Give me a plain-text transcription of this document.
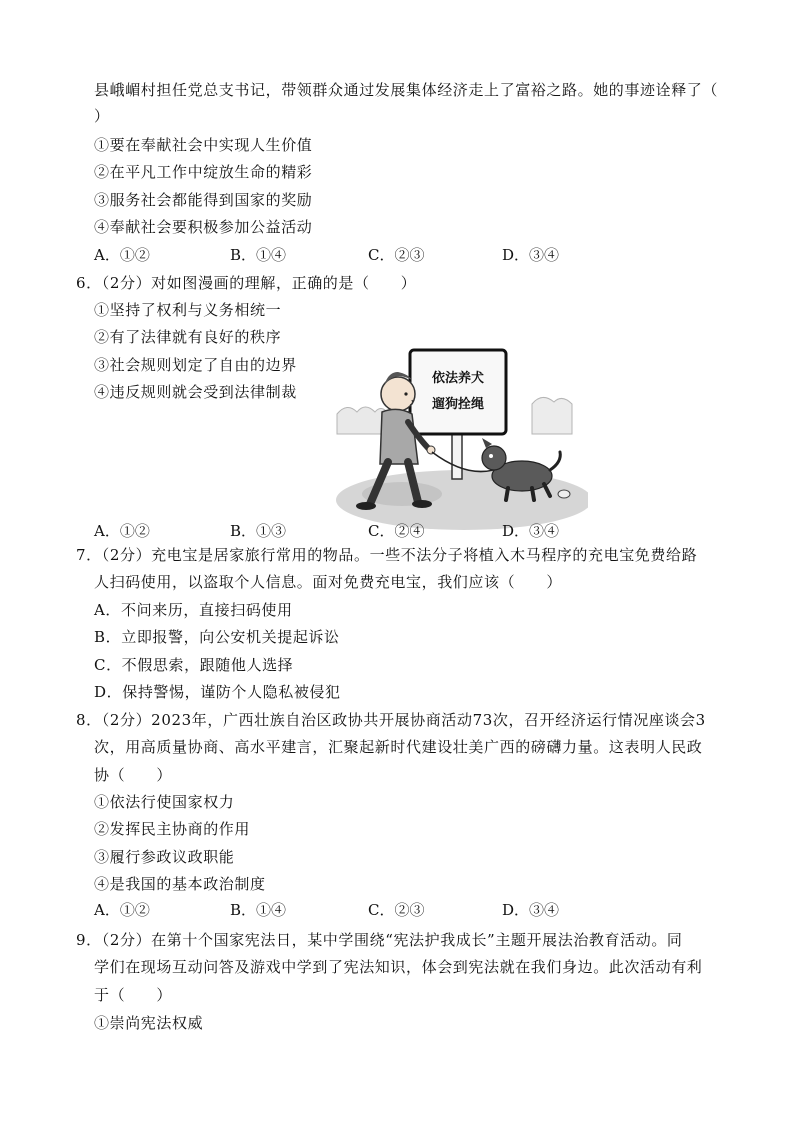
县峨嵋村担任党总支书记，带领群众通过发展集体经济走上了富裕之路。她的事迹诠释了（
）
①要在奉献社会中实现人生价值
②在平凡工作中绽放生命的精彩
③服务社会都能得到国家的奖励
④奉献社会要积极参加公益活动
A．①②	B．①④	C．②③	D．③④
6．（2分）对如图漫画的理解，正确的是（　　）
①坚持了权利与义务相统一
②有了法律就有良好的秩序
③社会规则划定了自由的边界
④违反规则就会受到法律制裁
依法养犬
遛狗拴绳
A．①②	B．①③	C．②④	D．③④
7．（2分）充电宝是居家旅行常用的物品。一些不法分子将植入木马程序的充电宝免费给路
人扫码使用，以盗取个人信息。面对免费充电宝，我们应该（　　）
A．不问来历，直接扫码使用
B．立即报警，向公安机关提起诉讼
C．不假思索，跟随他人选择
D．保持警惕，谨防个人隐私被侵犯
8．（2分）2023年，广西壮族自治区政协共开展协商活动73次，召开经济运行情况座谈会3
次，用高质量协商、高水平建言，汇聚起新时代建设壮美广西的磅礴力量。这表明人民政
协（　　）
①依法行使国家权力
②发挥民主协商的作用
③履行参政议政职能
④是我国的基本政治制度
A．①②	B．①④	C．②③	D．③④
9．（2分）在第十个国家宪法日，某中学围绕“宪法护我成长”主题开展法治教育活动。同
学们在现场互动问答及游戏中学到了宪法知识，体会到宪法就在我们身边。此次活动有利
于（　　）
①崇尚宪法权威
